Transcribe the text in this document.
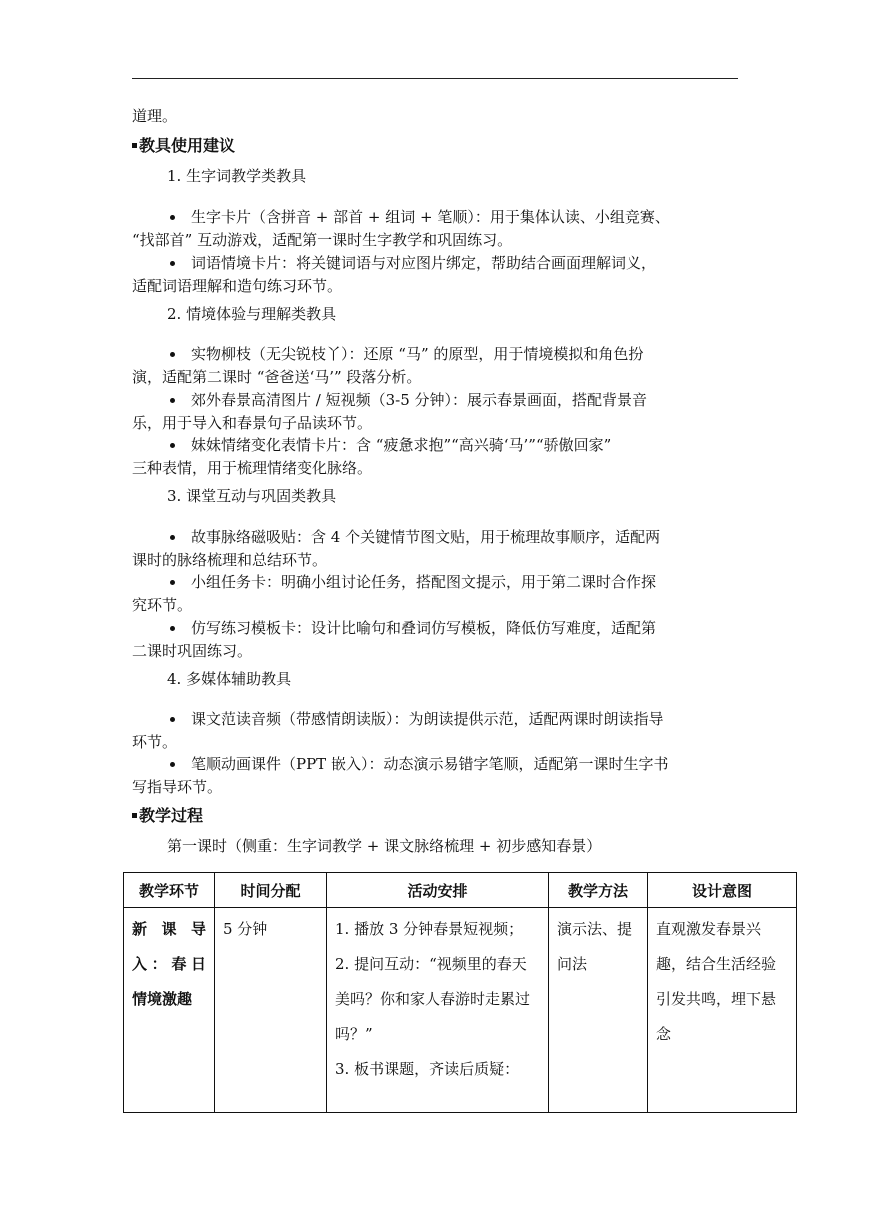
道理。
教具使用建议
1. 生字词教学类教具
生字卡片（含拼音 + 部首 + 组词 + 笔顺）：用于集体认读、小组竞赛、
“找部首” 互动游戏，适配第一课时生字教学和巩固练习。
词语情境卡片：将关键词语与对应图片绑定，帮助结合画面理解词义，
适配词语理解和造句练习环节。
2. 情境体验与理解类教具
实物柳枝（无尖锐枝丫）：还原 “马” 的原型，用于情境模拟和角色扮
演，适配第二课时 “爸爸送‘马’” 段落分析。
郊外春景高清图片 / 短视频（3-5 分钟）：展示春景画面，搭配背景音
乐，用于导入和春景句子品读环节。
妹妹情绪变化表情卡片：含 “疲惫求抱”“高兴骑‘马’”“骄傲回家”
三种表情，用于梳理情绪变化脉络。
3. 课堂互动与巩固类教具
故事脉络磁吸贴：含 4 个关键情节图文贴，用于梳理故事顺序，适配两
课时的脉络梳理和总结环节。
小组任务卡：明确小组讨论任务，搭配图文提示，用于第二课时合作探
究环节。
仿写练习模板卡：设计比喻句和叠词仿写模板，降低仿写难度，适配第
二课时巩固练习。
4. 多媒体辅助教具
课文范读音频（带感情朗读版）：为朗读提供示范，适配两课时朗读指导
环节。
笔顺动画课件（PPT 嵌入）：动态演示易错字笔顺，适配第一课时生字书
写指导环节。
教学过程
第一课时（侧重：生字词教学 + 课文脉络梳理 + 初步感知春景）
教学环节	时间分配	活动安排	教学方法	设计意图

新课导入：春日情境激趣	5 分钟	1. 播放 3 分钟春景短视频；
2. 提问互动：“视频里的春天美吗？你和家人春游时走累过吗？”
3. 板书课题，齐读后质疑：	演示法、提问法	直观激发春景兴趣，结合生活经验引发共鸣，埋下悬念
